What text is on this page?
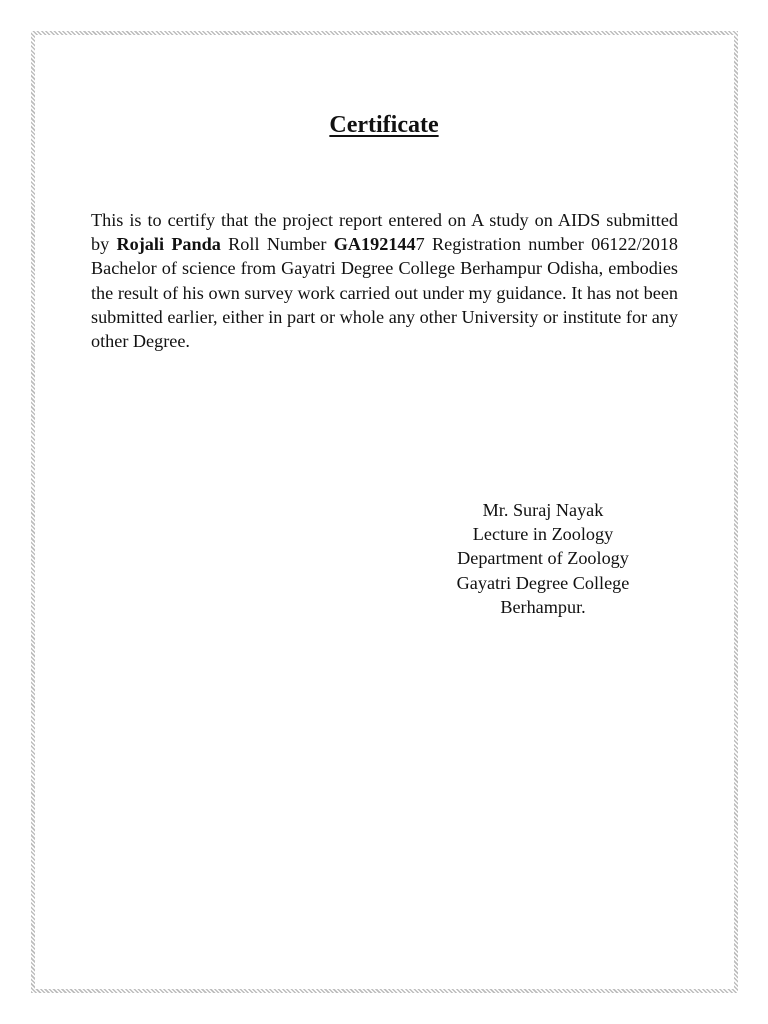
Certificate

This is to certify that the project report entered on A study on AIDS submitted by Rojali Panda Roll Number GA1921447 Registration number 06122/2018 Bachelor of science from Gayatri Degree College Berhampur Odisha, embodies the result of his own survey work carried out under my guidance. It has not been submitted earlier, either in part or whole any other University or institute for any other Degree.

Mr. Suraj Nayak
Lecture in Zoology
Department of Zoology
Gayatri Degree College
Berhampur.
